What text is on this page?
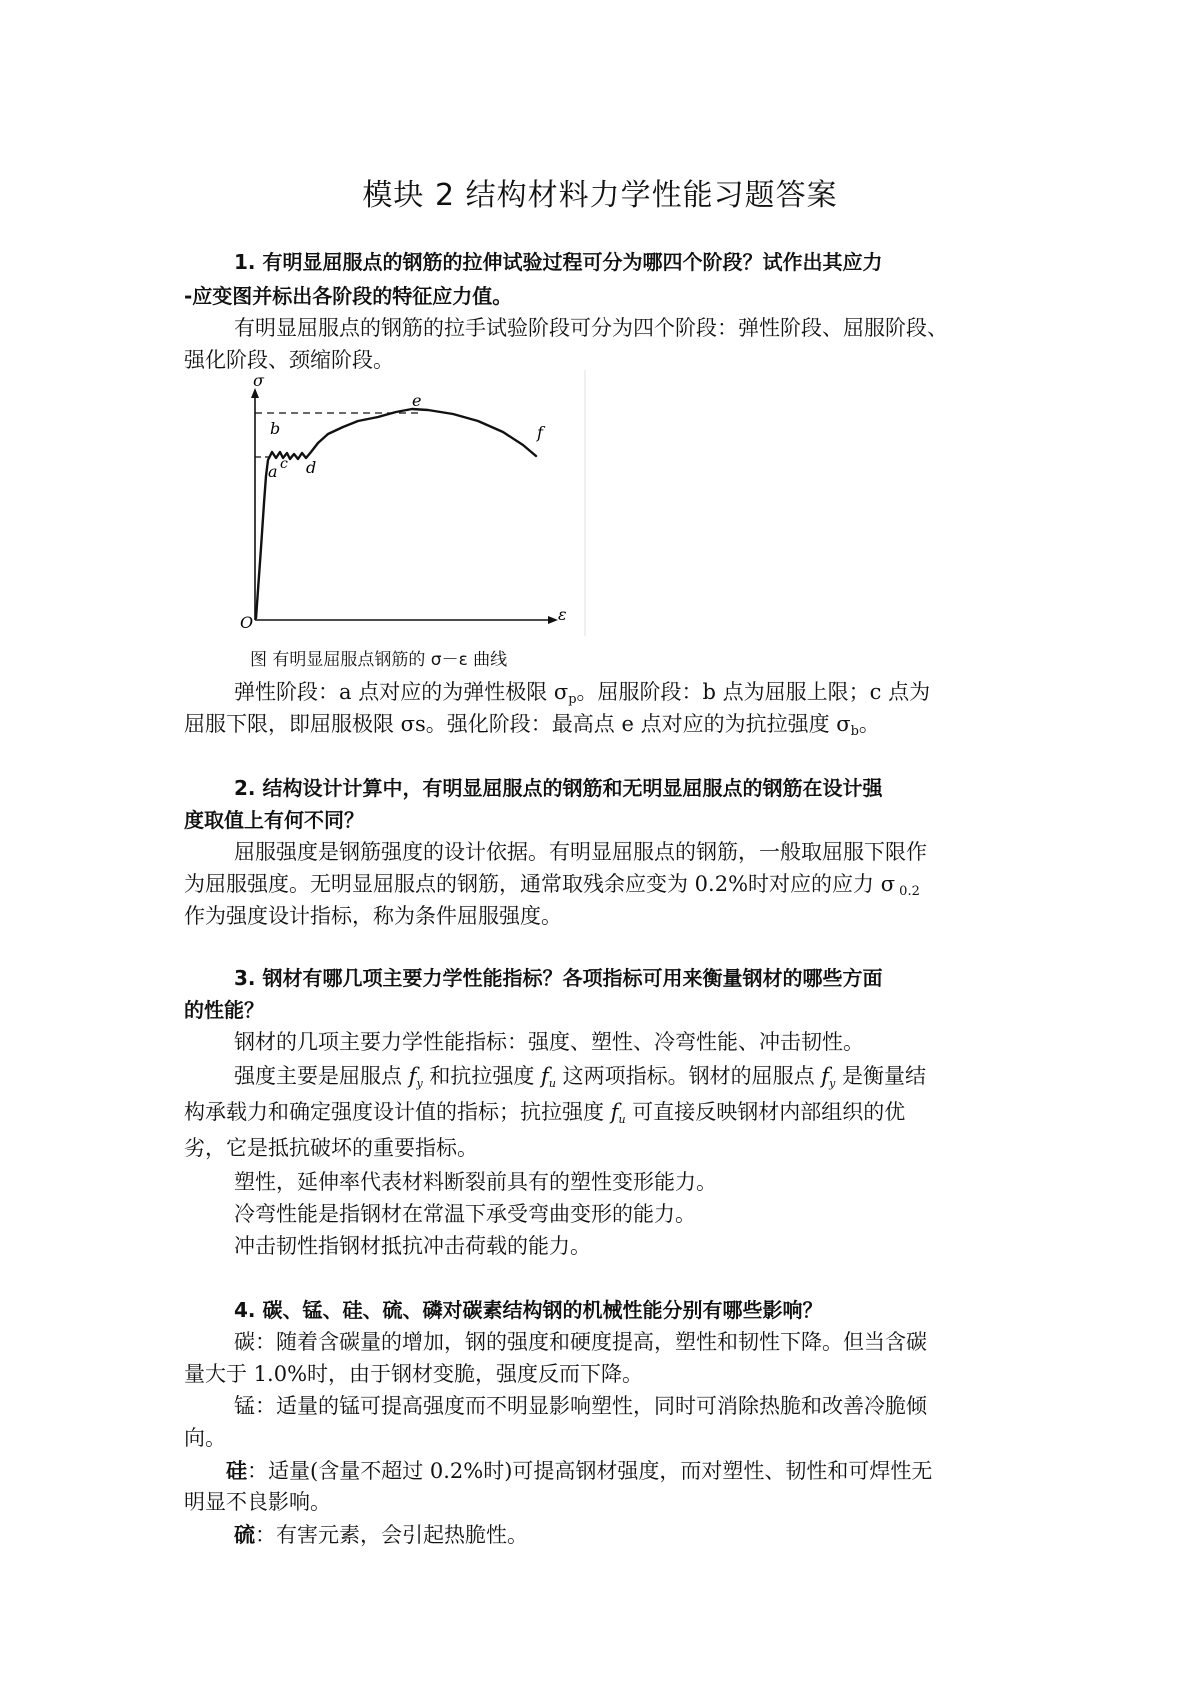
模块 2 结构材料力学性能习题答案
1. 有明显屈服点的钢筋的拉伸试验过程可分为哪四个阶段？试作出其应力
-应变图并标出各阶段的特征应力值。
有明显屈服点的钢筋的拉手试验阶段可分为四个阶段：弹性阶段、屈服阶段、
强化阶段、颈缩阶段。
σ
ε
O
a
b
c d
e
f
图 有明显屈服点钢筋的 σ－ε 曲线
弹性阶段：a 点对应的为弹性极限 $\sigma_p$。屈服阶段：b 点为屈服上限；c 点为
屈服下限，即屈服极限 σs。强化阶段：最高点 e 点对应的为抗拉强度 $\sigma_b$。
2. 结构设计计算中，有明显屈服点的钢筋和无明显屈服点的钢筋在设计强
度取值上有何不同？
屈服强度是钢筋强度的设计依据。有明显屈服点的钢筋，一般取屈服下限作
为屈服强度。无明显屈服点的钢筋，通常取残余应变为 0.2%时对应的应力 σ $_{0.2}$
作为强度设计指标，称为条件屈服强度。
3. 钢材有哪几项主要力学性能指标？各项指标可用来衡量钢材的哪些方面
的性能？
钢材的几项主要力学性能指标：强度、塑性、冷弯性能、冲击韧性。
强度主要是屈服点 fy 和抗拉强度 fu 这两项指标。钢材的屈服点 fy 是衡量结
构承载力和确定强度设计值的指标；抗拉强度 fu 可直接反映钢材内部组织的优
劣，它是抵抗破坏的重要指标。
塑性，延伸率代表材料断裂前具有的塑性变形能力。
冷弯性能是指钢材在常温下承受弯曲变形的能力。
冲击韧性指钢材抵抗冲击荷载的能力。
4. 碳、锰、硅、硫、磷对碳素结构钢的机械性能分别有哪些影响？
碳：随着含碳量的增加，钢的强度和硬度提高，塑性和韧性下降。但当含碳
量大于 1.0%时，由于钢材变脆，强度反而下降。
锰：适量的锰可提高强度而不明显影响塑性，同时可消除热脆和改善冷脆倾
向。
硅：适量(含量不超过 0.2%时)可提高钢材强度，而对塑性、韧性和可焊性无
明显不良影响。
硫：有害元素，会引起热脆性。
